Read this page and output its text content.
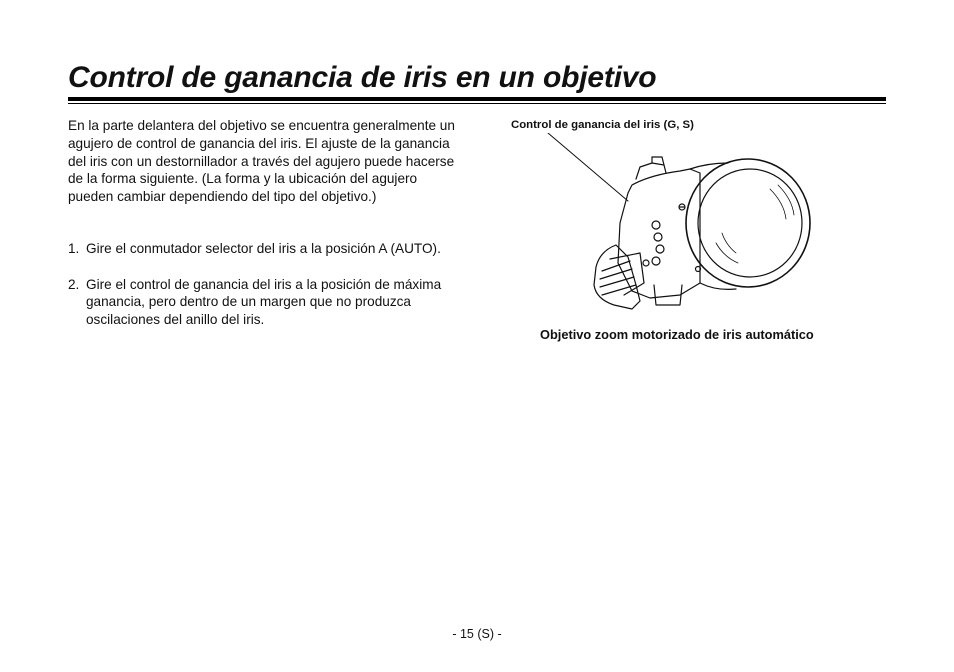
Control de ganancia de iris en un objetivo

En la parte delantera del objetivo se encuentra generalmente un agujero de control de ganancia del iris. El ajuste de la ganancia del iris con un destornillador a través del agujero puede hacerse de la forma siguiente. (La forma y la ubicación del agujero pueden cambiar dependiendo del tipo del objetivo.)

1. Gire el conmutador selector del iris a la posición A (AUTO).
2. Gire el control de ganancia del iris a la posición de máxima ganancia, pero dentro de un margen que no produzca oscilaciones del anillo del iris.
Control de ganancia del iris (G, S)
Objetivo zoom motorizado de iris automático
- 15 (S) -
